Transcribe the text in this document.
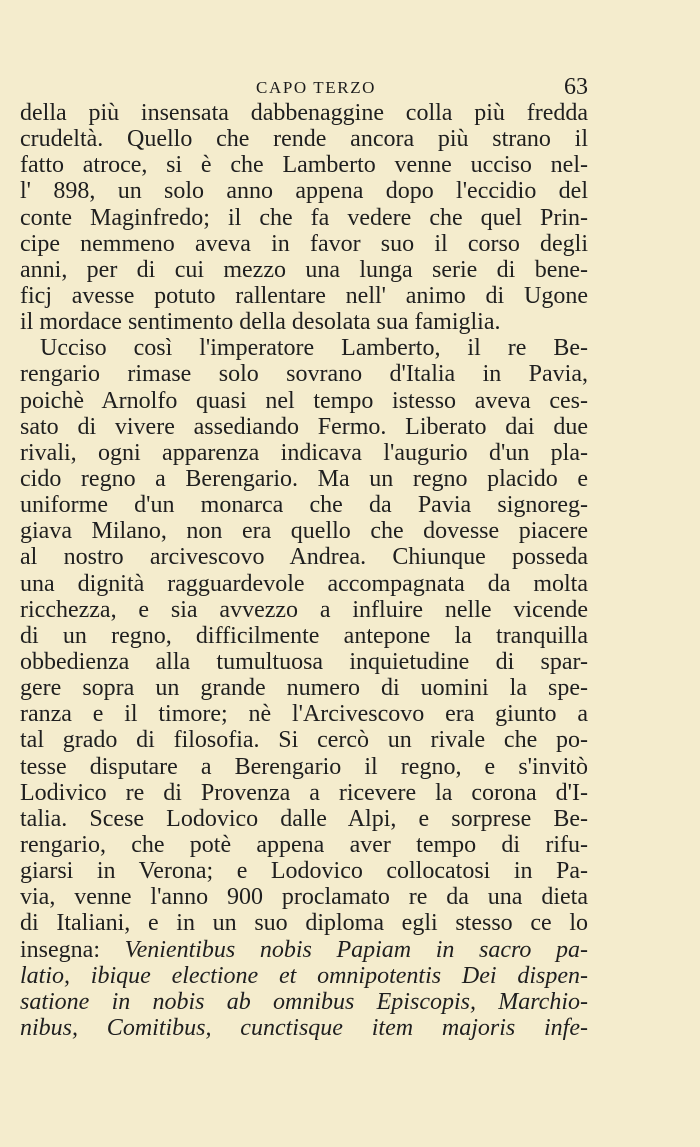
CAPO TERZO	63
della più insensata dabbenaggine colla più fredda
crudeltà. Quello che rende ancora più strano il
fatto atroce, si è che Lamberto venne ucciso nel-
l' 898, un solo anno appena dopo l'eccidio del
conte Maginfredo; il che fa vedere che quel Prin-
cipe nemmeno aveva in favor suo il corso degli
anni, per di cui mezzo una lunga serie di bene-
ficj avesse potuto rallentare nell' animo di Ugone
il mordace sentimento della desolata sua famiglia.
Ucciso così l'imperatore Lamberto, il re Be-
rengario rimase solo sovrano d'Italia in Pavia,
poichè Arnolfo quasi nel tempo istesso aveva ces-
sato di vivere assediando Fermo. Liberato dai due
rivali, ogni apparenza indicava l'augurio d'un pla-
cido regno a Berengario. Ma un regno placido e
uniforme d'un monarca che da Pavia signoreg-
giava Milano, non era quello che dovesse piacere
al nostro arcivescovo Andrea. Chiunque posseda
una dignità ragguardevole accompagnata da molta
ricchezza, e sia avvezzo a influire nelle vicende
di un regno, difficilmente antepone la tranquilla
obbedienza alla tumultuosa inquietudine di spar-
gere sopra un grande numero di uomini la spe-
ranza e il timore; nè l'Arcivescovo era giunto a
tal grado di filosofia. Si cercò un rivale che po-
tesse disputare a Berengario il regno, e s'invitò
Lodivico re di Provenza a ricevere la corona d'I-
talia. Scese Lodovico dalle Alpi, e sorprese Be-
rengario, che potè appena aver tempo di rifu-
giarsi in Verona; e Lodovico collocatosi in Pa-
via, venne l'anno 900 proclamato re da una dieta
di Italiani, e in un suo diploma egli stesso ce lo
insegna: Venientibus nobis Papiam in sacro pa-
latio, ibique electione et omnipotentis Dei dispen-
satione in nobis ab omnibus Episcopis, Marchio-
nibus, Comitibus, cunctisque item majoris infe-
